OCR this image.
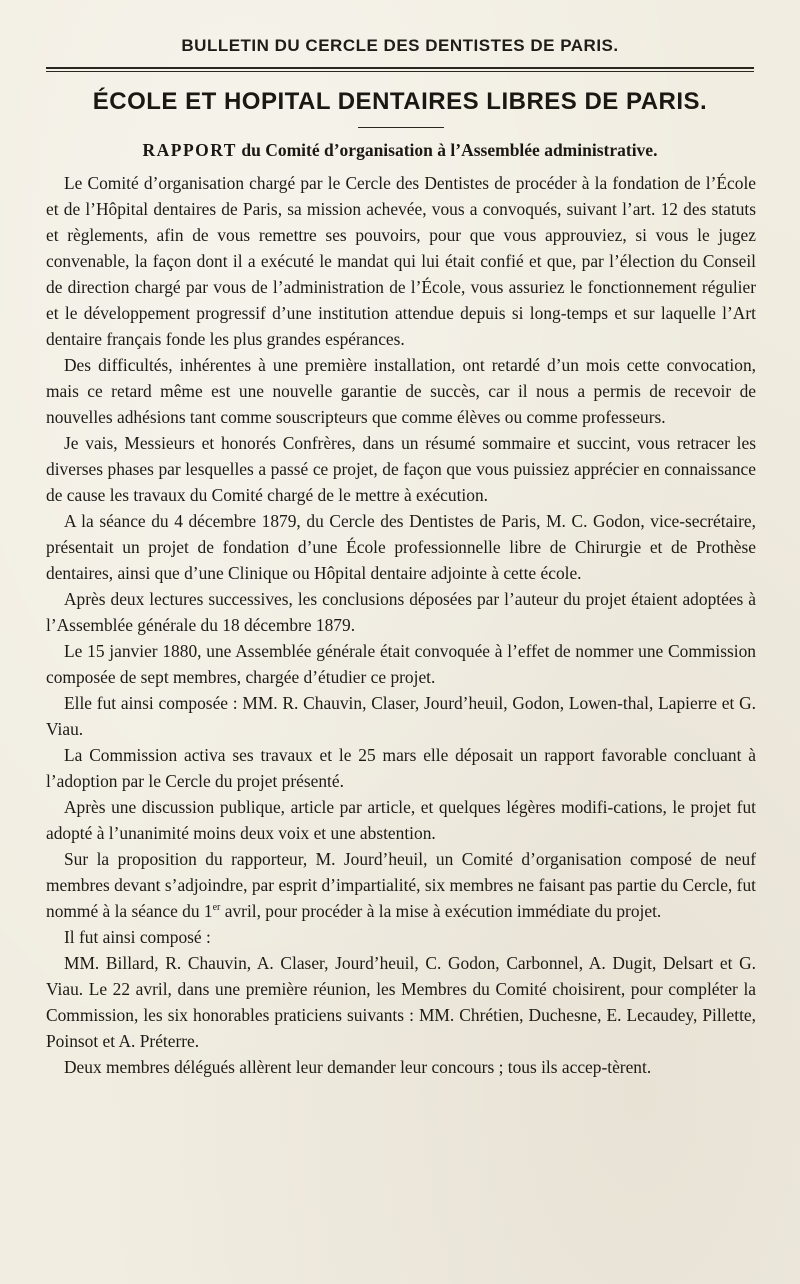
BULLETIN DU CERCLE DES DENTISTES DE PARIS.
ÉCOLE ET HOPITAL DENTAIRES LIBRES DE PARIS.
RAPPORT du Comité d’organisation à l’Assemblée administrative.

Le Comité d’organisation chargé par le Cercle des Dentistes de procéder à la fondation de l’École et de l’Hôpital dentaires de Paris, sa mission achevée, vous a convoqués, suivant l’art. 12 des statuts et règlements, afin de vous remettre ses pouvoirs, pour que vous approuviez, si vous le jugez convenable, la façon dont il a exécuté le mandat qui lui était confié et que, par l’élection du Conseil de direction chargé par vous de l’administration de l’École, vous assuriez le fonctionnement régulier et le développement progressif d’une institution attendue depuis si long-temps et sur laquelle l’Art dentaire français fonde les plus grandes espérances.

Des difficultés, inhérentes à une première installation, ont retardé d’un mois cette convocation, mais ce retard même est une nouvelle garantie de succès, car il nous a permis de recevoir de nouvelles adhésions tant comme souscripteurs que comme élèves ou comme professeurs.

Je vais, Messieurs et honorés Confrères, dans un résumé sommaire et succint, vous retracer les diverses phases par lesquelles a passé ce projet, de façon que vous puissiez apprécier en connaissance de cause les travaux du Comité chargé de le mettre à exécution.

A la séance du 4 décembre 1879, du Cercle des Dentistes de Paris, M. C. Godon, vice-secrétaire, présentait un projet de fondation d’une École professionnelle libre de Chirurgie et de Prothèse dentaires, ainsi que d’une Clinique ou Hôpital dentaire adjointe à cette école.

Après deux lectures successives, les conclusions déposées par l’auteur du projet étaient adoptées à l’Assemblée générale du 18 décembre 1879.

Le 15 janvier 1880, une Assemblée générale était convoquée à l’effet de nommer une Commission composée de sept membres, chargée d’étudier ce projet.

Elle fut ainsi composée : MM. R. Chauvin, Claser, Jourd’heuil, Godon, Lowen-thal, Lapierre et G. Viau.

La Commission activa ses travaux et le 25 mars elle déposait un rapport favorable concluant à l’adoption par le Cercle du projet présenté.

Après une discussion publique, article par article, et quelques légères modifi-cations, le projet fut adopté à l’unanimité moins deux voix et une abstention.

Sur la proposition du rapporteur, M. Jourd’heuil, un Comité d’organisation composé de neuf membres devant s’adjoindre, par esprit d’impartialité, six membres ne faisant pas partie du Cercle, fut nommé à la séance du 1er avril, pour procéder à la mise à exécution immédiate du projet.

Il fut ainsi composé :

MM. Billard, R. Chauvin, A. Claser, Jourd’heuil, C. Godon, Carbonnel, A. Dugit, Delsart et G. Viau. Le 22 avril, dans une première réunion, les Membres du Comité choisirent, pour compléter la Commission, les six honorables praticiens suivants : MM. Chrétien, Duchesne, E. Lecaudey, Pillette, Poinsot et A. Préterre.

Deux membres délégués allèrent leur demander leur concours ; tous ils accep-tèrent.
